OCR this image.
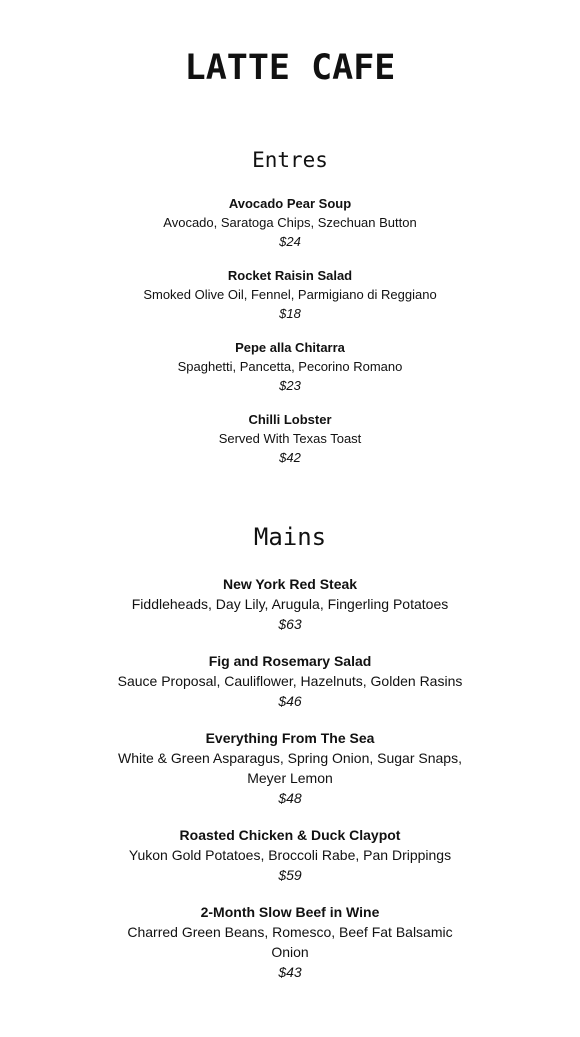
LATTE CAFE
Entres
Avocado Pear Soup
Avocado, Saratoga Chips, Szechuan Button
$24
Rocket Raisin Salad
Smoked Olive Oil, Fennel, Parmigiano di Reggiano
$18
Pepe alla Chitarra
Spaghetti, Pancetta, Pecorino Romano
$23
Chilli Lobster
Served With Texas Toast
$42
Mains
New York Red Steak
Fiddleheads, Day Lily, Arugula, Fingerling Potatoes
$63
Fig and Rosemary Salad
Sauce Proposal, Cauliflower, Hazelnuts, Golden Rasins
$46
Everything From The Sea
White & Green Asparagus, Spring Onion, Sugar Snaps, Meyer Lemon
$48
Roasted Chicken & Duck Claypot
Yukon Gold Potatoes, Broccoli Rabe, Pan Drippings
$59
2-Month Slow Beef in Wine
Charred Green Beans, Romesco, Beef Fat Balsamic Onion
$43
